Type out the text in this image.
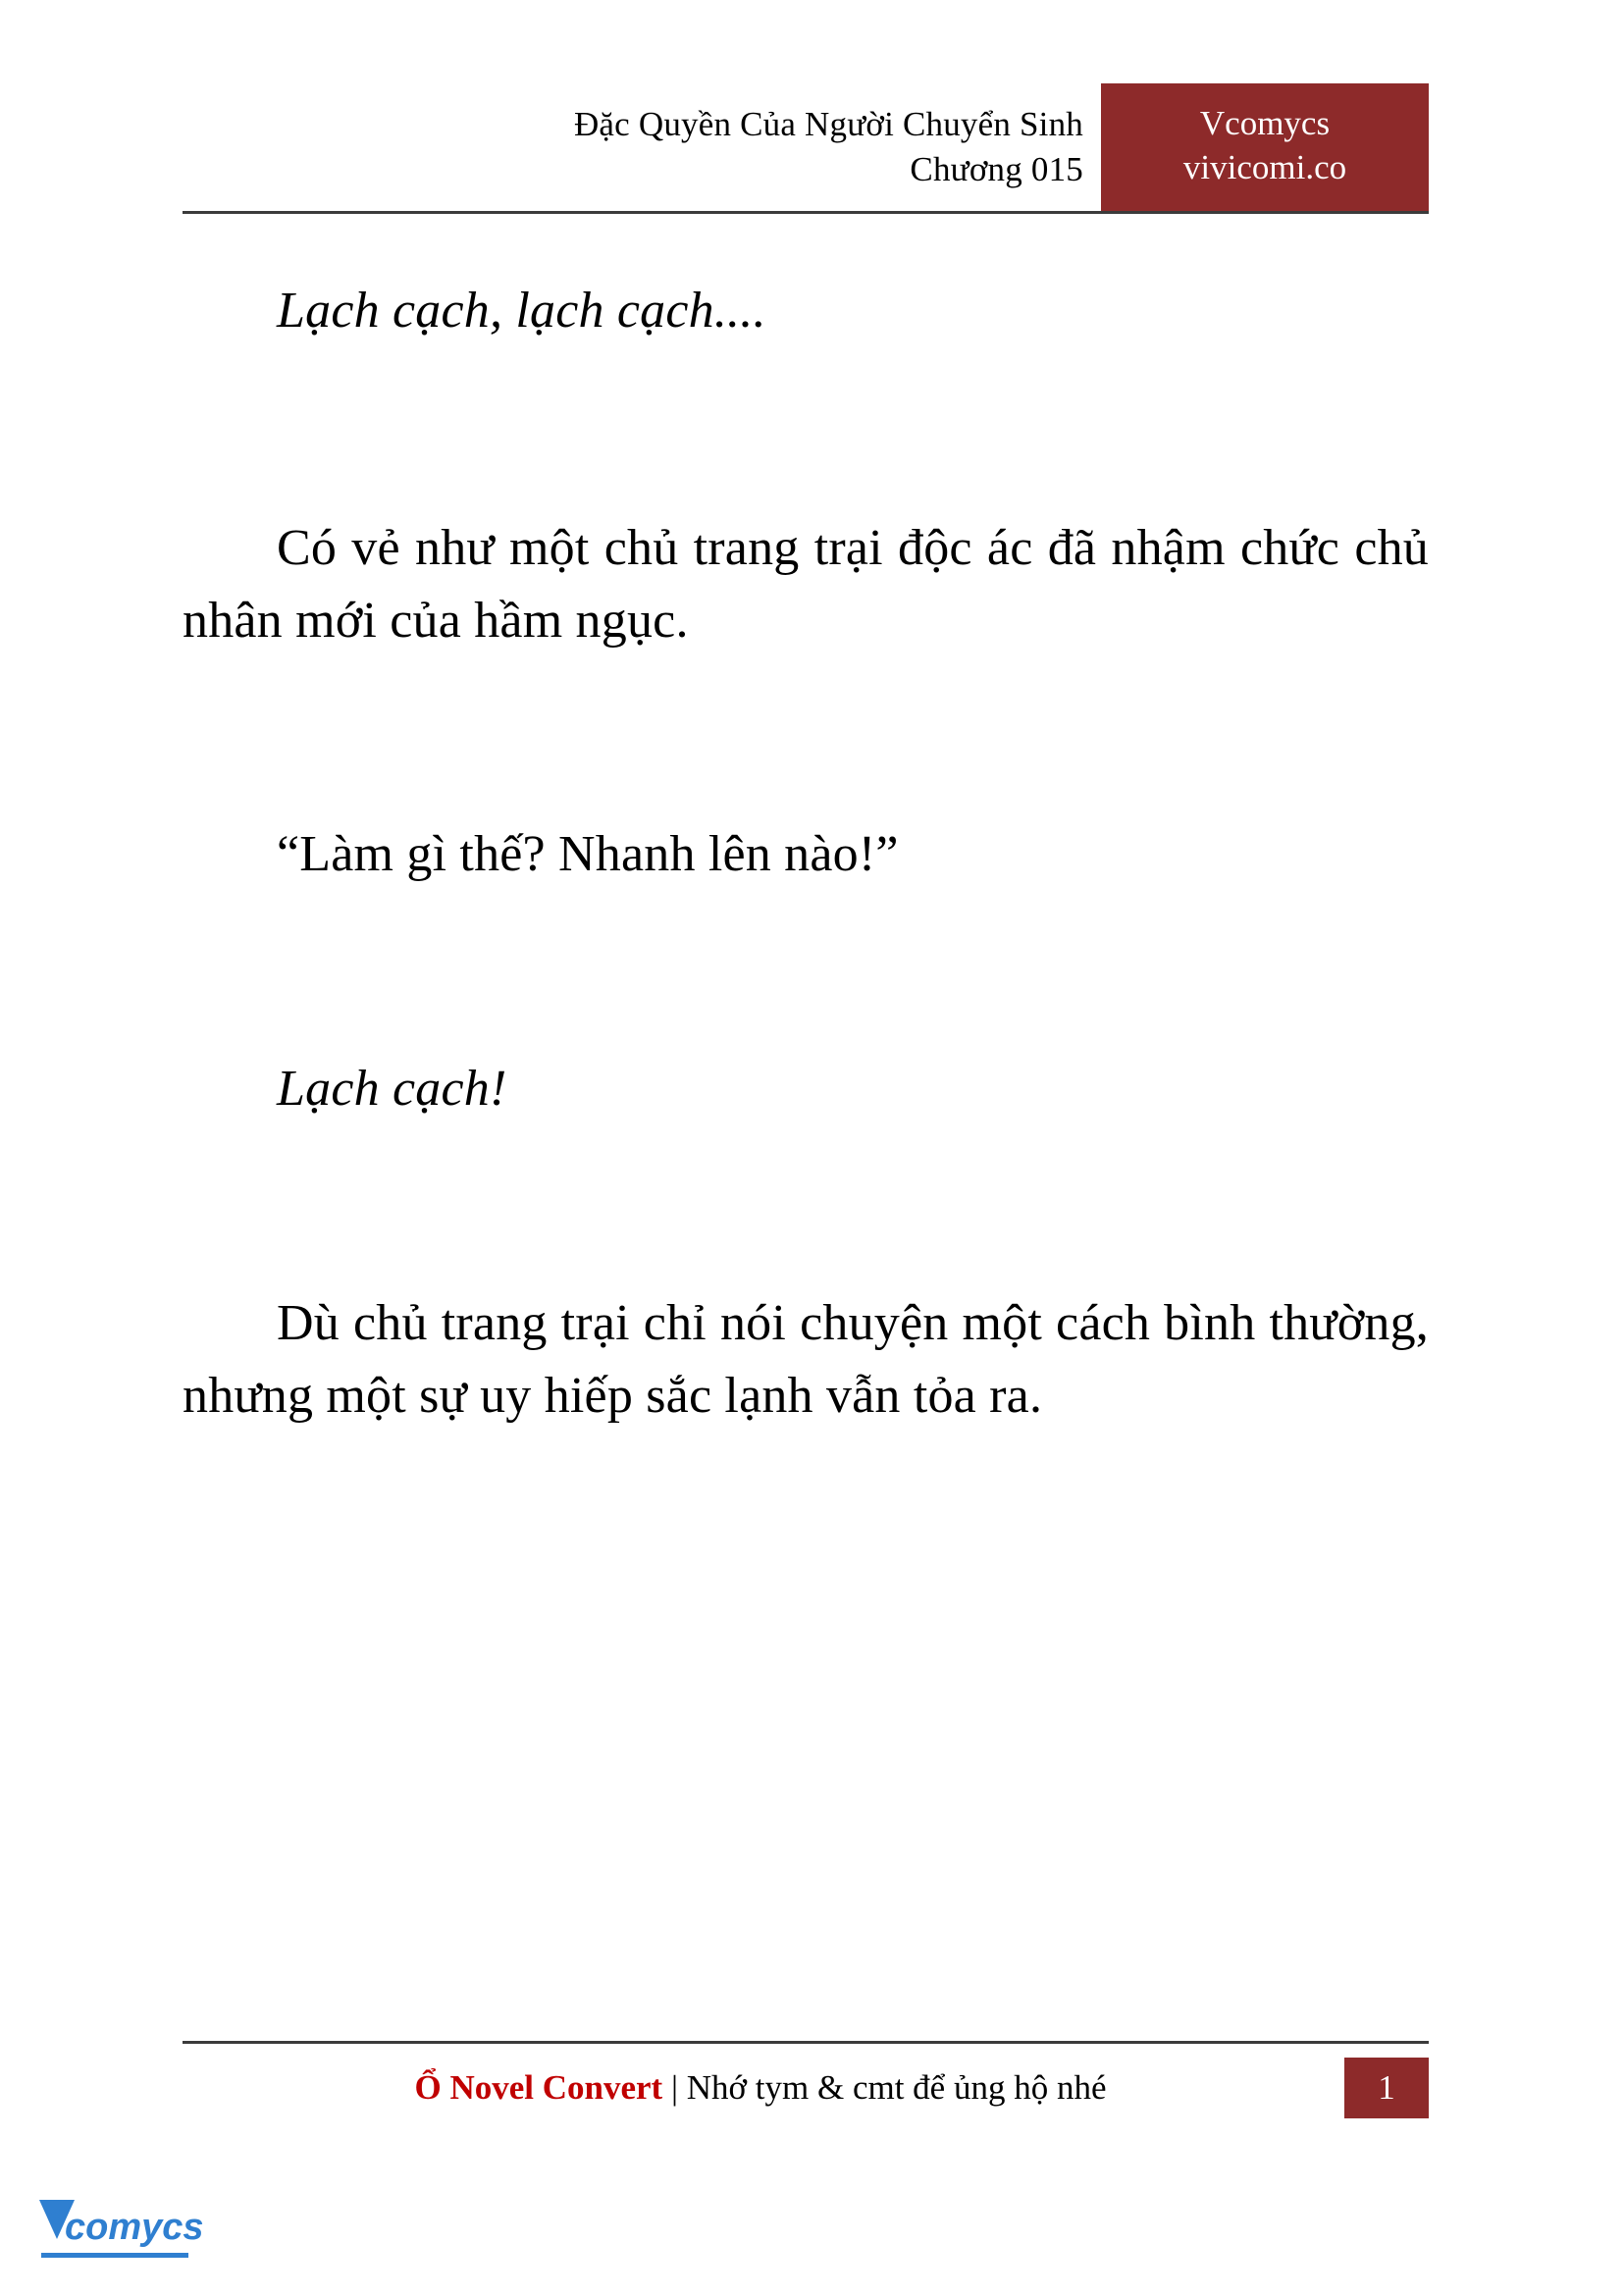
Đặc Quyền Của Người Chuyển Sinh
Chương 015
Vcomycs
vivicomi.co

Lạch cạch, lạch cạch....

Có vẻ như một chủ trang trại độc ác đã nhậm chức chủ nhân mới của hầm ngục.

“Làm gì thế? Nhanh lên nào!”

Lạch cạch!

Dù chủ trang trại chỉ nói chuyện một cách bình thường, nhưng một sự uy hiếp sắc lạnh vẫn tỏa ra.

Ổ Novel Convert | Nhớ tym & cmt để ủng hộ nhé	1
comycs
